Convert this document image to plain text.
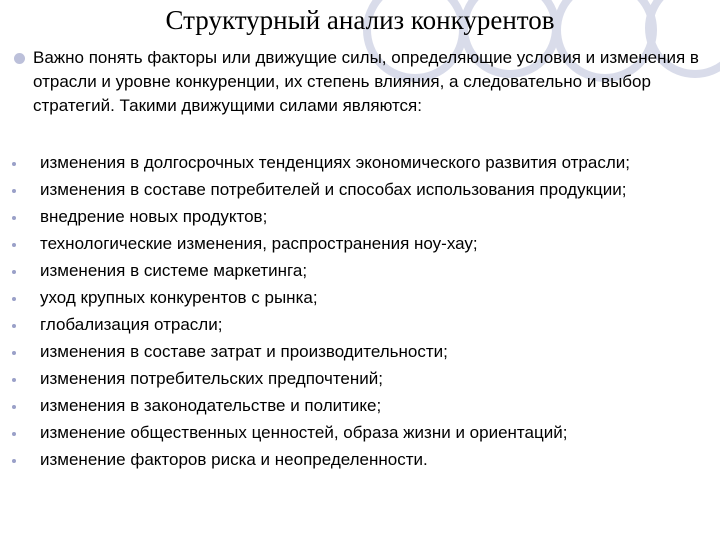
Структурный анализ конкурентов
Важно понять факторы или движущие силы, определяющие условия и изменения в отрасли и уровне конкуренции, их степень влияния, а следовательно и выбор стратегий. Такими движущими силами являются:
изменения в долгосрочных тенденциях экономического развития отрасли;
изменения в составе потребителей и способах использования продукции;
внедрение новых продуктов;
технологические изменения, распространения ноу-хау;
изменения в системе маркетинга;
уход крупных конкурентов с рынка;
глобализация отрасли;
изменения в составе затрат и производительности;
изменения потребительских предпочтений;
изменения в законодательстве и политике;
изменение общественных ценностей, образа жизни и ориентаций;
изменение факторов риска и неопределенности.
